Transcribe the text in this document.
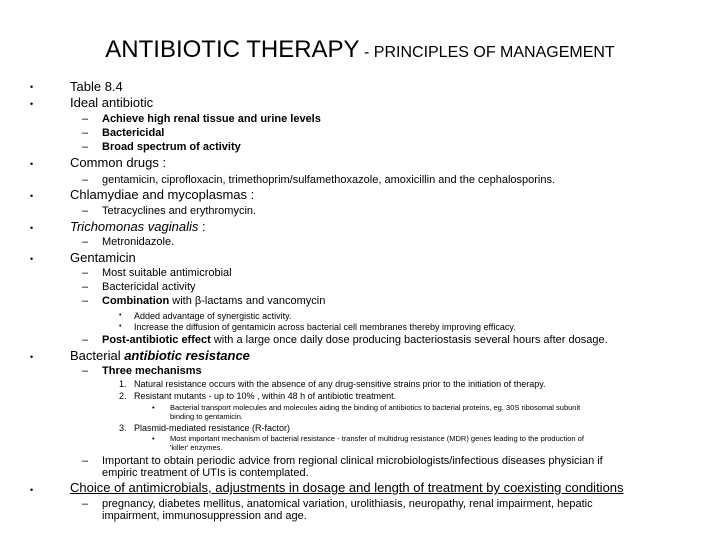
ANTIBIOTIC THERAPY - PRINCIPLES OF MANAGEMENT
•	Table 8.4
•	Ideal antibiotic
– Achieve high renal tissue and urine levels
– Bactericidal
– Broad spectrum of activity
•	Common drugs :
– gentamicin, ciprofloxacin, trimethoprim/sulfamethoxazole, amoxicillin and the cephalosporins.
•	Chlamydiae and mycoplasmas :
– Tetracyclines and erythromycin.
•	Trichomonas vaginalis :
– Metronidazole.
•	Gentamicin
– Most suitable antimicrobial
– Bactericidal activity
– Combination with β-lactams and vancomycin
• Added advantage of synergistic activity.
• Increase the diffusion of gentamicin across bacterial cell membranes thereby improving efficacy.
– Post-antibiotic effect with a large once daily dose producing bacteriostasis several hours after dosage.
•	Bacterial antibiotic resistance
– Three mechanisms
1. Natural resistance occurs with the absence of any drug-sensitive strains prior to the initiation of therapy.
2. Resistant mutants - up to 10% , within 48 h of antibiotic treatment.
• Bacterial transport molecules and molecules aiding the binding of antibiotics to bacterial proteins, eg. 30S ribosomal subunit
binding to gentamicin.
3. Plasmid-mediated resistance (R-factor)
• Most important mechanism of bacterial resistance - transfer of multidrug resistance (MDR) genes leading to the production of
'killer' enzymes.
– Important to obtain periodic advice from regional clinical microbiologists/infectious diseases physician if
empiric treatment of UTIs is contemplated.
•	Choice of antimicrobials, adjustments in dosage and length of treatment by coexisting conditions
– pregnancy, diabetes mellitus, anatomical variation, urolithiasis, neuropathy, renal impairment, hepatic
impairment, immunosuppression and age.
